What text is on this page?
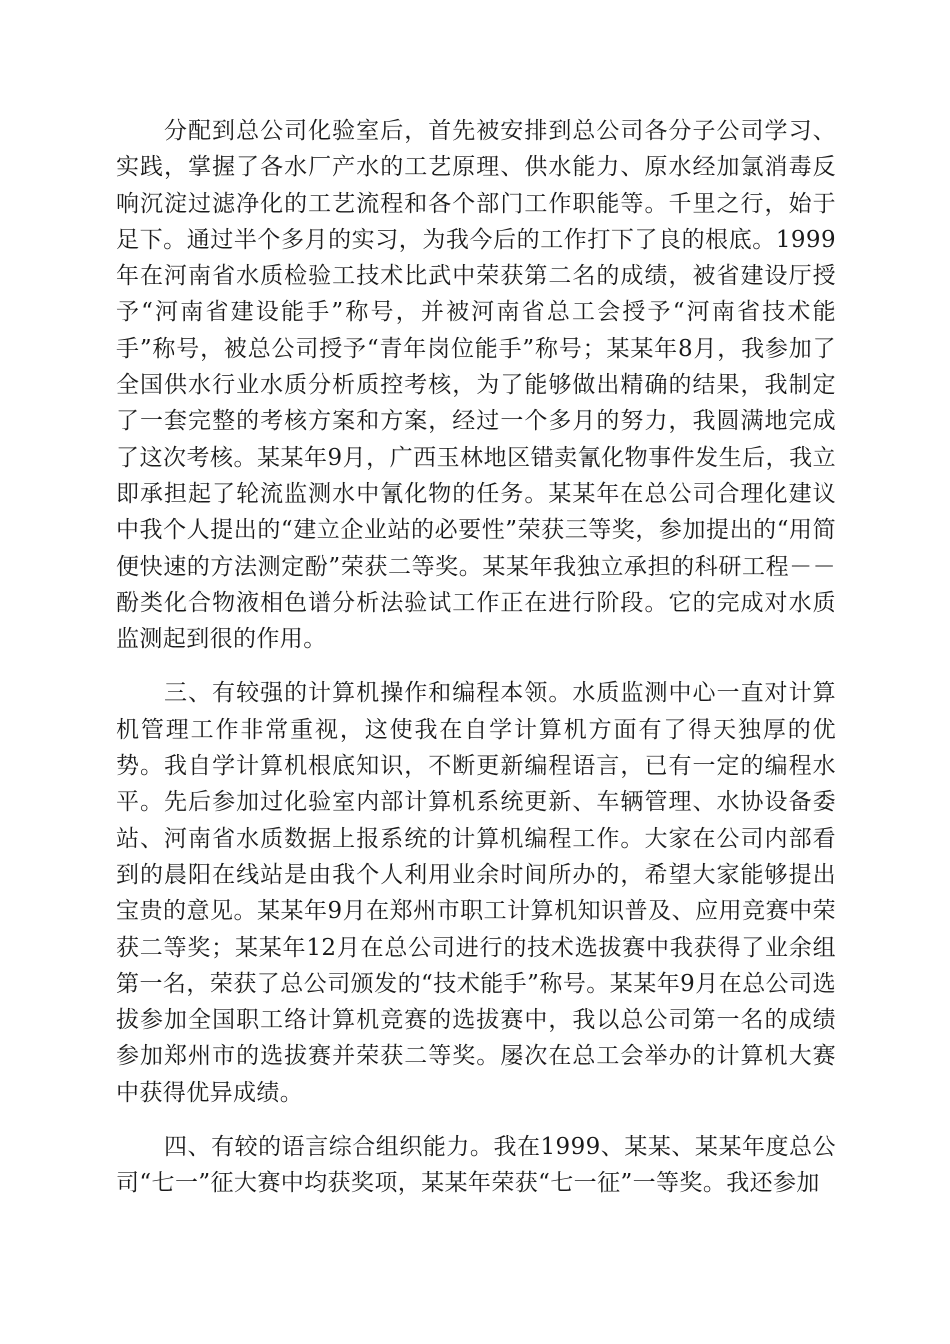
分配到总公司化验室后，首先被安排到总公司各分子公司学习、实践，掌握了各水厂产水的工艺原理、供水能力、原水经加氯消毒反响沉淀过滤净化的工艺流程和各个部门工作职能等。千里之行，始于足下。通过半个多月的实习，为我今后的工作打下了良的根底。1999年在河南省水质检验工技术比武中荣获第二名的成绩，被省建设厅授予“河南省建设能手”称号，并被河南省总工会授予“河南省技术能手”称号，被总公司授予“青年岗位能手”称号；某某年8月，我参加了全国供水行业水质分析质控考核，为了能够做出精确的结果，我制定了一套完整的考核方案和方案，经过一个多月的努力，我圆满地完成了这次考核。某某年9月，广西玉林地区错卖氰化物事件发生后，我立即承担起了轮流监测水中氰化物的任务。某某年在总公司合理化建议中我个人提出的“建立企业站的必要性”荣获三等奖，参加提出的“用简便快速的方法测定酚”荣获二等奖。某某年我独立承担的科研工程－－酚类化合物液相色谱分析法验试工作正在进行阶段。它的完成对水质监测起到很的作用。

三、有较强的计算机操作和编程本领。水质监测中心一直对计算机管理工作非常重视，这使我在自学计算机方面有了得天独厚的优势。我自学计算机根底知识，不断更新编程语言，已有一定的编程水平。先后参加过化验室内部计算机系统更新、车辆管理、水协设备委站、河南省水质数据上报系统的计算机编程工作。大家在公司内部看到的晨阳在线站是由我个人利用业余时间所办的，希望大家能够提出宝贵的意见。某某年9月在郑州市职工计算机知识普及、应用竞赛中荣获二等奖；某某年12月在总公司进行的技术选拔赛中我获得了业余组第一名，荣获了总公司颁发的“技术能手”称号。某某年9月在总公司选拔参加全国职工络计算机竞赛的选拔赛中，我以总公司第一名的成绩参加郑州市的选拔赛并荣获二等奖。屡次在总工会举办的计算机大赛中获得优异成绩。

四、有较的语言综合组织能力。我在1999、某某、某某年度总公司“七一”征大赛中均获奖项，某某年荣获“七一征”一等奖。我还参加
